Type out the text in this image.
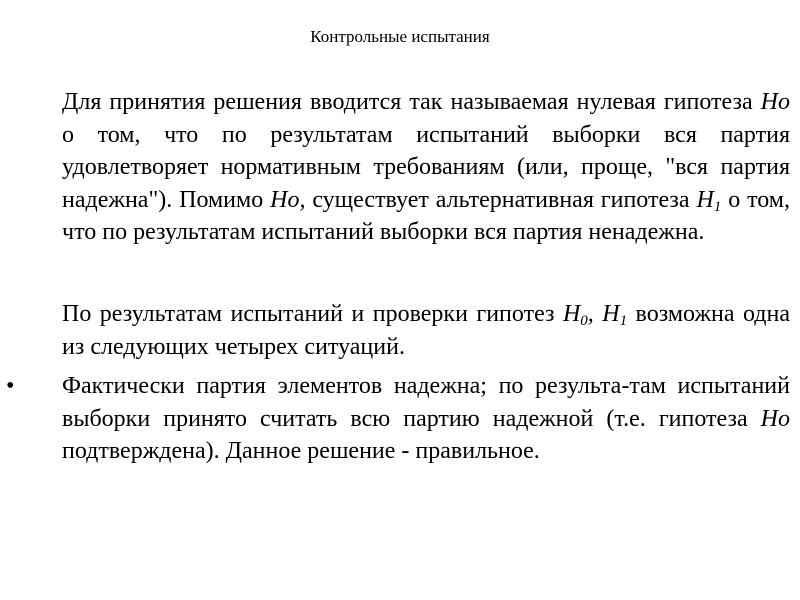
Контрольные испытания

Для принятия решения вводится так называемая нулевая гипотеза Ho о том, что по результатам испытаний выборки вся партия удовлетворяет нормативным требованиям (или, проще, "вся партия надежна"). Помимо Ho, существует альтернативная гипотеза $H_1$ о том, что по результатам испытаний выборки вся партия ненадежна.

По результатам испытаний и проверки гипотез $H_0$, $H_1$ возможна одна из следующих четырех ситуаций.

• Фактически партия элементов надежна; по результа-там испытаний выборки принято считать всю партию надежной (т.е. гипотеза Ho подтверждена). Данное решение - правильное.
